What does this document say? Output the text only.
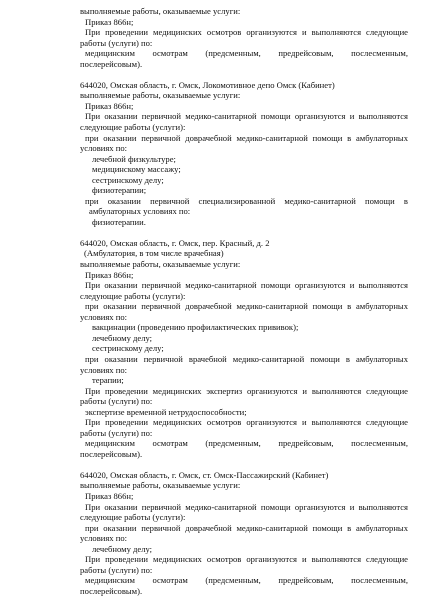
выполняемые работы, оказываемые услуги:
Приказ 866н;
При проведении медицинских осмотров организуются и выполняются следующие
работы (услуги) по:
медицинским осмотрам (предсменным, предрейсовым, послесменным,
послерейсовым).
644020, Омская область, г. Омск, Локомотивное депо Омск (Кабинет)
выполняемые работы, оказываемые услуги:
Приказ 866н;
При оказании первичной медико-санитарной помощи организуются и выполняются
следующие работы (услуги):
при оказании первичной доврачебной медико-санитарной помощи в амбулаторных
условиях по:
лечебной физкультуре;
медицинскому массажу;
сестринскому делу;
физиотерапии;
при оказании первичной специализированной медико-санитарной помощи в
амбулаторных условиях по:
физиотерапии.
644020, Омская область, г. Омск, пер. Красный, д. 2
(Амбулатория, в том числе врачебная)
выполняемые работы, оказываемые услуги:
Приказ 866н;
При оказании первичной медико-санитарной помощи организуются и выполняются
следующие работы (услуги):
при оказании первичной доврачебной медико-санитарной помощи в амбулаторных
условиях по:
вакцинации (проведению профилактических прививок);
лечебному делу;
сестринскому делу;
при оказании первичной врачебной медико-санитарной помощи в амбулаторных
условиях по:
терапии;
При проведении медицинских экспертиз организуются и выполняются следующие
работы (услуги) по:
экспертизе временной нетрудоспособности;
При проведении медицинских осмотров организуются и выполняются следующие
работы (услуги) по:
медицинским осмотрам (предсменным, предрейсовым, послесменным,
послерейсовым).
644020, Омская область, г. Омск, ст. Омск-Пассажирский (Кабинет)
выполняемые работы, оказываемые услуги:
Приказ 866н;
При оказании первичной медико-санитарной помощи организуются и выполняются
следующие работы (услуги):
при оказании первичной доврачебной медико-санитарной помощи в амбулаторных
условиях по:
лечебному делу;
При проведении медицинских осмотров организуются и выполняются следующие
работы (услуги) по:
медицинским осмотрам (предсменным, предрейсовым, послесменным,
послерейсовым).
